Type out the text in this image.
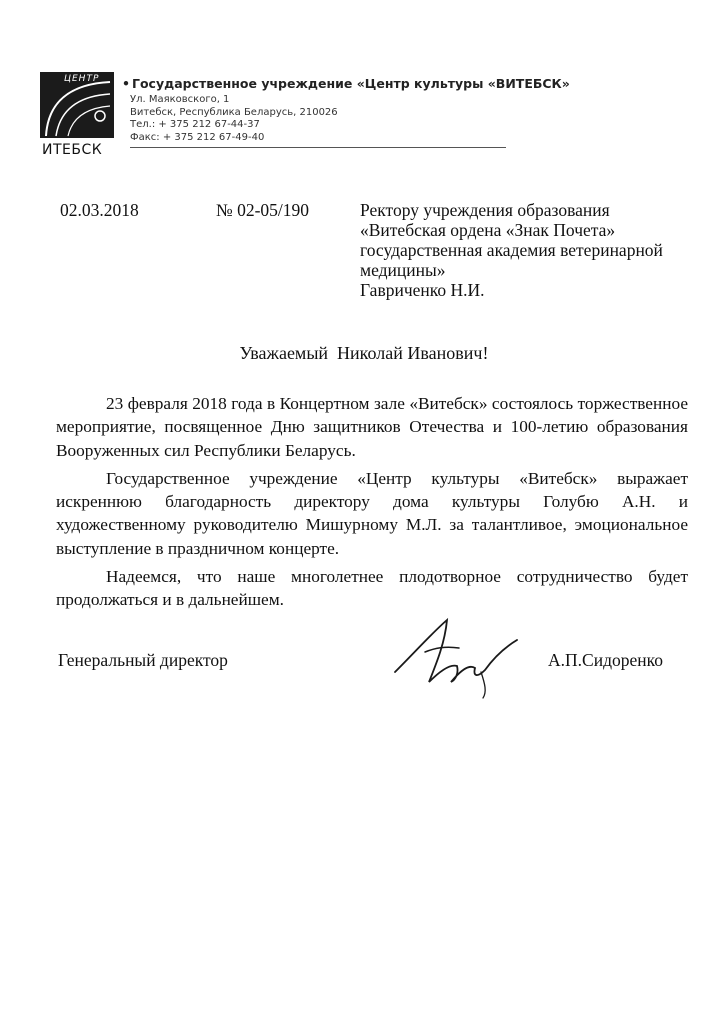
ЦЕНТР
ИТЕБСК
• Государственное учреждение «Центр культуры «ВИТЕБСК»
Ул. Маяковского, 1
Витебск, Республика Беларусь, 210026
Тел.: + 375 212 67-44-37
Факс: + 375 212 67-49-40
02.03.2018	№ 02-05/190	Ректору учреждения образования
«Витебская ордена «Знак Почета»
государственная академия ветеринарной
медицины»
Гавриченко Н.И.
Уважаемый  Николай Иванович!

23 февраля 2018 года в Концертном зале «Витебск» состоялось торжественное мероприятие, посвященное Дню защитников Отечества и 100-летию образования Вооруженных сил Республики Беларусь.

Государственное учреждение «Центр культуры «Витебск» выражает искреннюю благодарность директору дома культуры Голубю А.Н. и художественному руководителю Мишурному М.Л. за талантливое, эмоциональное выступление в праздничном концерте.

Надеемся, что наше многолетнее плодотворное сотрудничество будет продолжаться и в дальнейшем.

Генеральный директор	А.П.Сидоренко
